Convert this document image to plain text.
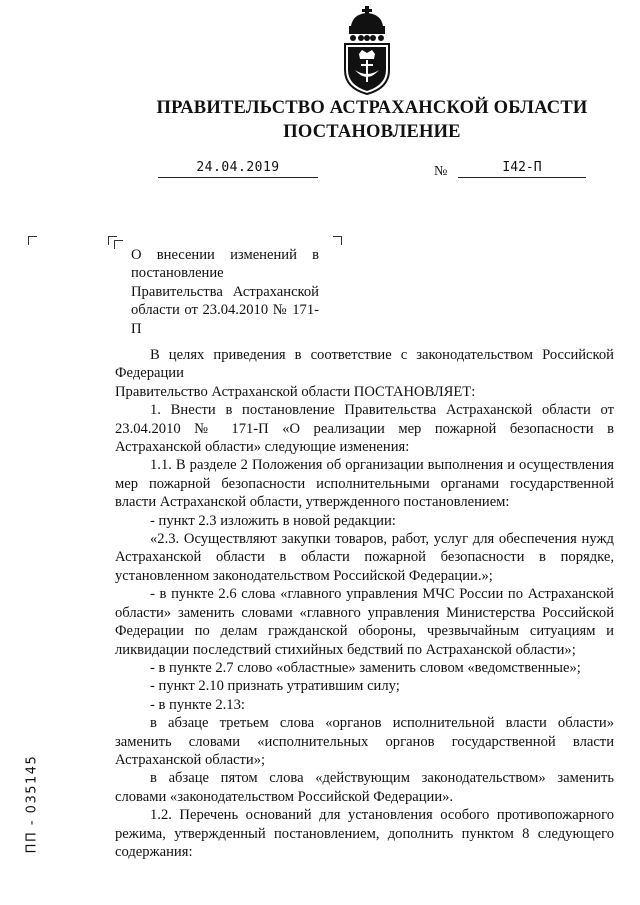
ПРАВИТЕЛЬСТВО АСТРАХАНСКОЙ ОБЛАСТИ
ПОСТАНОВЛЕНИЕ
24.04.2019	№	I42-П
О внесении изменений в постановление Правительства Астраханской области от 23.04.2010 № 171-П

В целях приведения в соответствие с законодательством Российской Федерации

Правительство Астраханской области ПОСТАНОВЛЯЕТ:

1. Внести в постановление Правительства Астраханской области от 23.04.2010 № 171-П «О реализации мер пожарной безопасности в Астраханской области» следующие изменения:

1.1. В разделе 2 Положения об организации выполнения и осуществления мер пожарной безопасности исполнительными органами государственной власти Астраханской области, утвержденного постановлением:

- пункт 2.3 изложить в новой редакции:

«2.3. Осуществляют закупки товаров, работ, услуг для обеспечения нужд Астраханской области в области пожарной безопасности в порядке, установленном законодательством Российской Федерации.»;

- в пункте 2.6 слова «главного управления МЧС России по Астраханской области» заменить словами «главного управления Министерства Российской Федерации по делам гражданской обороны, чрезвычайным ситуациям и ликвидации последствий стихийных бедствий по Астраханской области»;

- в пункте 2.7 слово «областные» заменить словом «ведомственные»;

- пункт 2.10 признать утратившим силу;

- в пункте 2.13:

в абзаце третьем слова «органов исполнительной власти области» заменить словами «исполнительных органов государственной власти Астраханской области»;

в абзаце пятом слова «действующим законодательством» заменить словами «законодательством Российской Федерации».

1.2. Перечень оснований для установления особого противопожарного режима, утвержденный постановлением, дополнить пунктом 8 следующего содержания:

ПП - 035145
